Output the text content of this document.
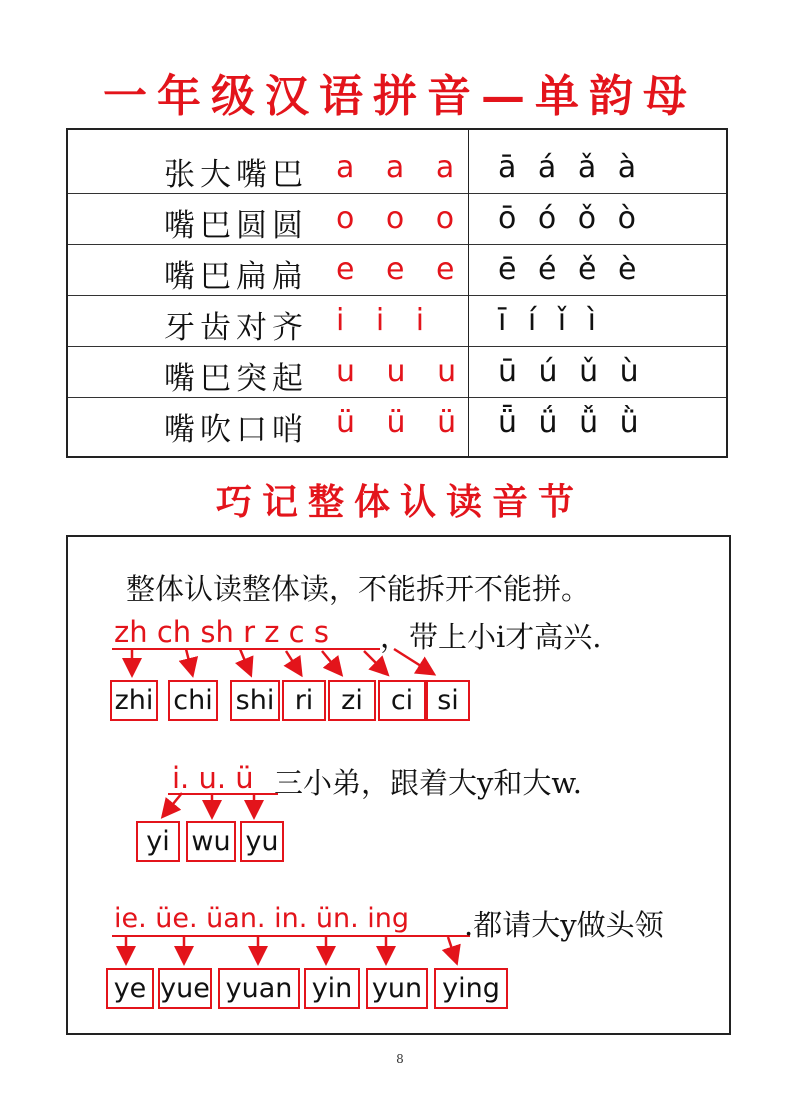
一年级汉语拼音—单韵母
张大嘴巴 a a a ā á ǎ à
嘴巴圆圆 o o o ō ó ǒ ò
嘴巴扁扁 e e e ē é ě è
牙齿对齐 i i i ī í ǐ ì
嘴巴突起 u u u ū ú ǔ ù
嘴吹口哨 ü ü ü ǖ ǘ ǚ ǜ
巧记整体认读音节
整体认读整体读，不能拆开不能拼。
zh ch sh r z c s ，带上小i才高兴.
zhi chi shi ri	zi	ci si
i. u. ü 三小弟，跟着大y和大w.
yi wu yu
ie. üe. üan. in. ün. ing .都请大y做头领
ye yue yuan yin yun ying
8
